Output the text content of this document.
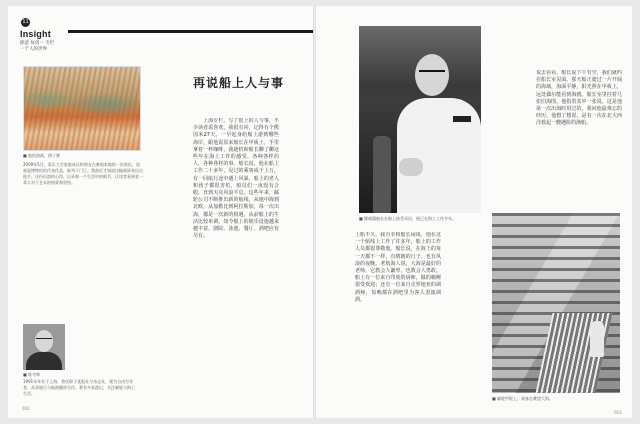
11
Insight
除恶 每周一 专栏
一个人的世界
■ 他的油画，徐子骅
2009年5月，爱乐大学家庭成员和朋友在参观本地的一次展出，油画是博物馆的代表作品，陈列于门厅。我最近才知道这幅画原来出自他手。这份出游的心得，记录着一个生活中的细节，让读者看到老一辈人对于艺术的热爱和坚持。
■ 陈守林
1991年毕业于上海，曾任职于某报社与杂志社，现为自由写作者，从事旅行与航海题材写作，著有多本游记，关注邮轮与海上生活。
再说船上人与事
上海专栏，写了很上的人与事，不少读者说喜欢，我很有同，记得有个熊国米27天，一早起身给船上游到哪些海岸，跟他说原来船长在甲板上，手里拿着一杯咖啡，我趁机和船长聊了聊这些年在海上工作的感受。各种各样的人，各种各样的事。船长说，他在船上工作二十多年，见过的乘客成千上万，有一回航行途中遇上风暴，船上的老人和孩子都很害怕，船员们一夜没有合眼，直到天亮风浪平息。这些年来，邮轮公司不断推出新的航线，从地中海到北欧，从加勒比到阿拉斯加，每一次出海，都是一次新的相遇。从前船上的生活比较单调，如今船上的娱乐设施越来越丰富，剧院、泳池、餐厅、酒吧应有尽有。
002
■ 挪威籍船长在船上接受采访，他已在海上工作多年。
说去看看，船长说下午有空，我们就约在船长室见面。那天船正驶过一片开阔的海域，海面平静，阳光照在甲板上，远处偶尔能看到海鸥。船长室里挂着几张旧海图，他指着其中一张说，这是他第一次出海时用过的。我问他最难忘的经历，他想了想说，是有一次在北大西洋救起一艘遇险的渔船。
上船不久，我有幸和船长闲谈，他在这一个航线上工作了许多年，船上的工作人员都很尊敬他。船长说，在海上的每一天都不一样，有晴朗的日子，也有风浪的夜晚。老航海人说，大海是最好的老师，它教会人谦卑，也教会人勇敢。船上有一位来自印度的厨师，做的咖喱很受欢迎；还有一位来自克罗地亚的调酒师，每晚都在酒吧里为客人表演调酒。
■ 邮轮甲板上，乘客在眺望大海。
003
